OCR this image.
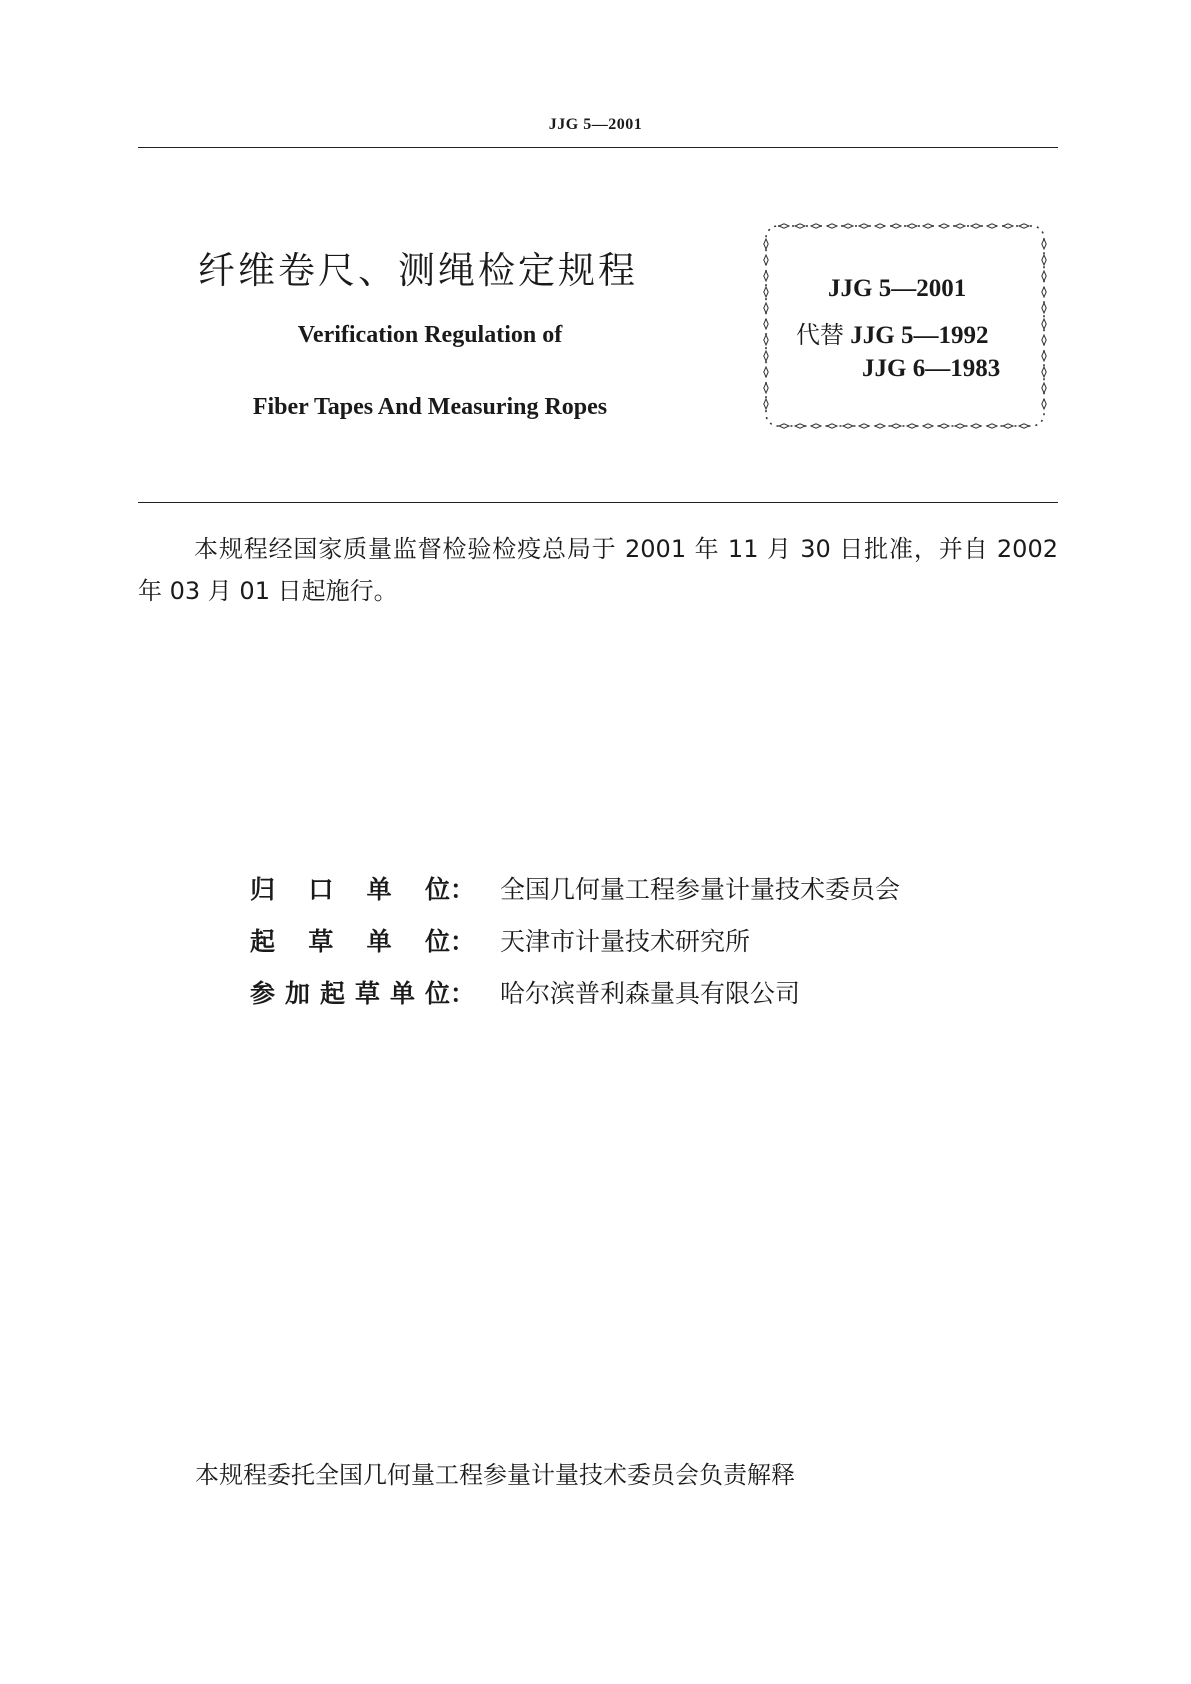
JJG 5—2001
纤维卷尺、测绳检定规程
Verification Regulation of
Fiber Tapes And Measuring Ropes
JJG 5—2001
代替 JJG 5—1992
JJG 6—1983
本规程经国家质量监督检验检疫总局于 2001 年 11 月 30 日批准，并自 2002 年 03 月 01 日起施行。
归口单位： 全国几何量工程参量计量技术委员会
起草单位： 天津市计量技术研究所
参加起草单位： 哈尔滨普利森量具有限公司
本规程委托全国几何量工程参量计量技术委员会负责解释
